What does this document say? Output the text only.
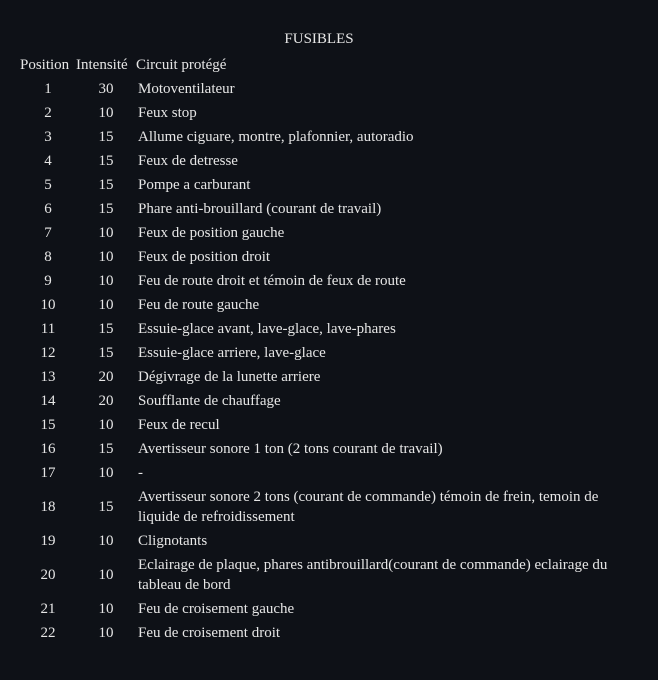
FUSIBLES
Position	Intensité	Circuit protégé
1	30	Motoventilateur
2	10	Feux stop
3	15	Allume ciguare, montre, plafonnier, autoradio
4	15	Feux de detresse
5	15	Pompe a carburant
6	15	Phare anti-brouillard (courant de travail)
7	10	Feux de position gauche
8	10	Feux de position droit
9	10	Feu de route droit et témoin de feux de route
10	10	Feu de route gauche
11	15	Essuie-glace avant, lave-glace, lave-phares
12	15	Essuie-glace arriere, lave-glace
13	20	Dégivrage de la lunette arriere
14	20	Soufflante de chauffage
15	10	Feux de recul
16	15	Avertisseur sonore 1 ton (2 tons courant de travail)
17	10	-
18	15	Avertisseur sonore 2 tons (courant de commande) témoin de frein, temoin de liquide de refroidissement
19	10	Clignotants
20	10	Eclairage de plaque, phares antibrouillard(courant de commande) eclairage du tableau de bord
21	10	Feu de croisement gauche
22	10	Feu de croisement droit
